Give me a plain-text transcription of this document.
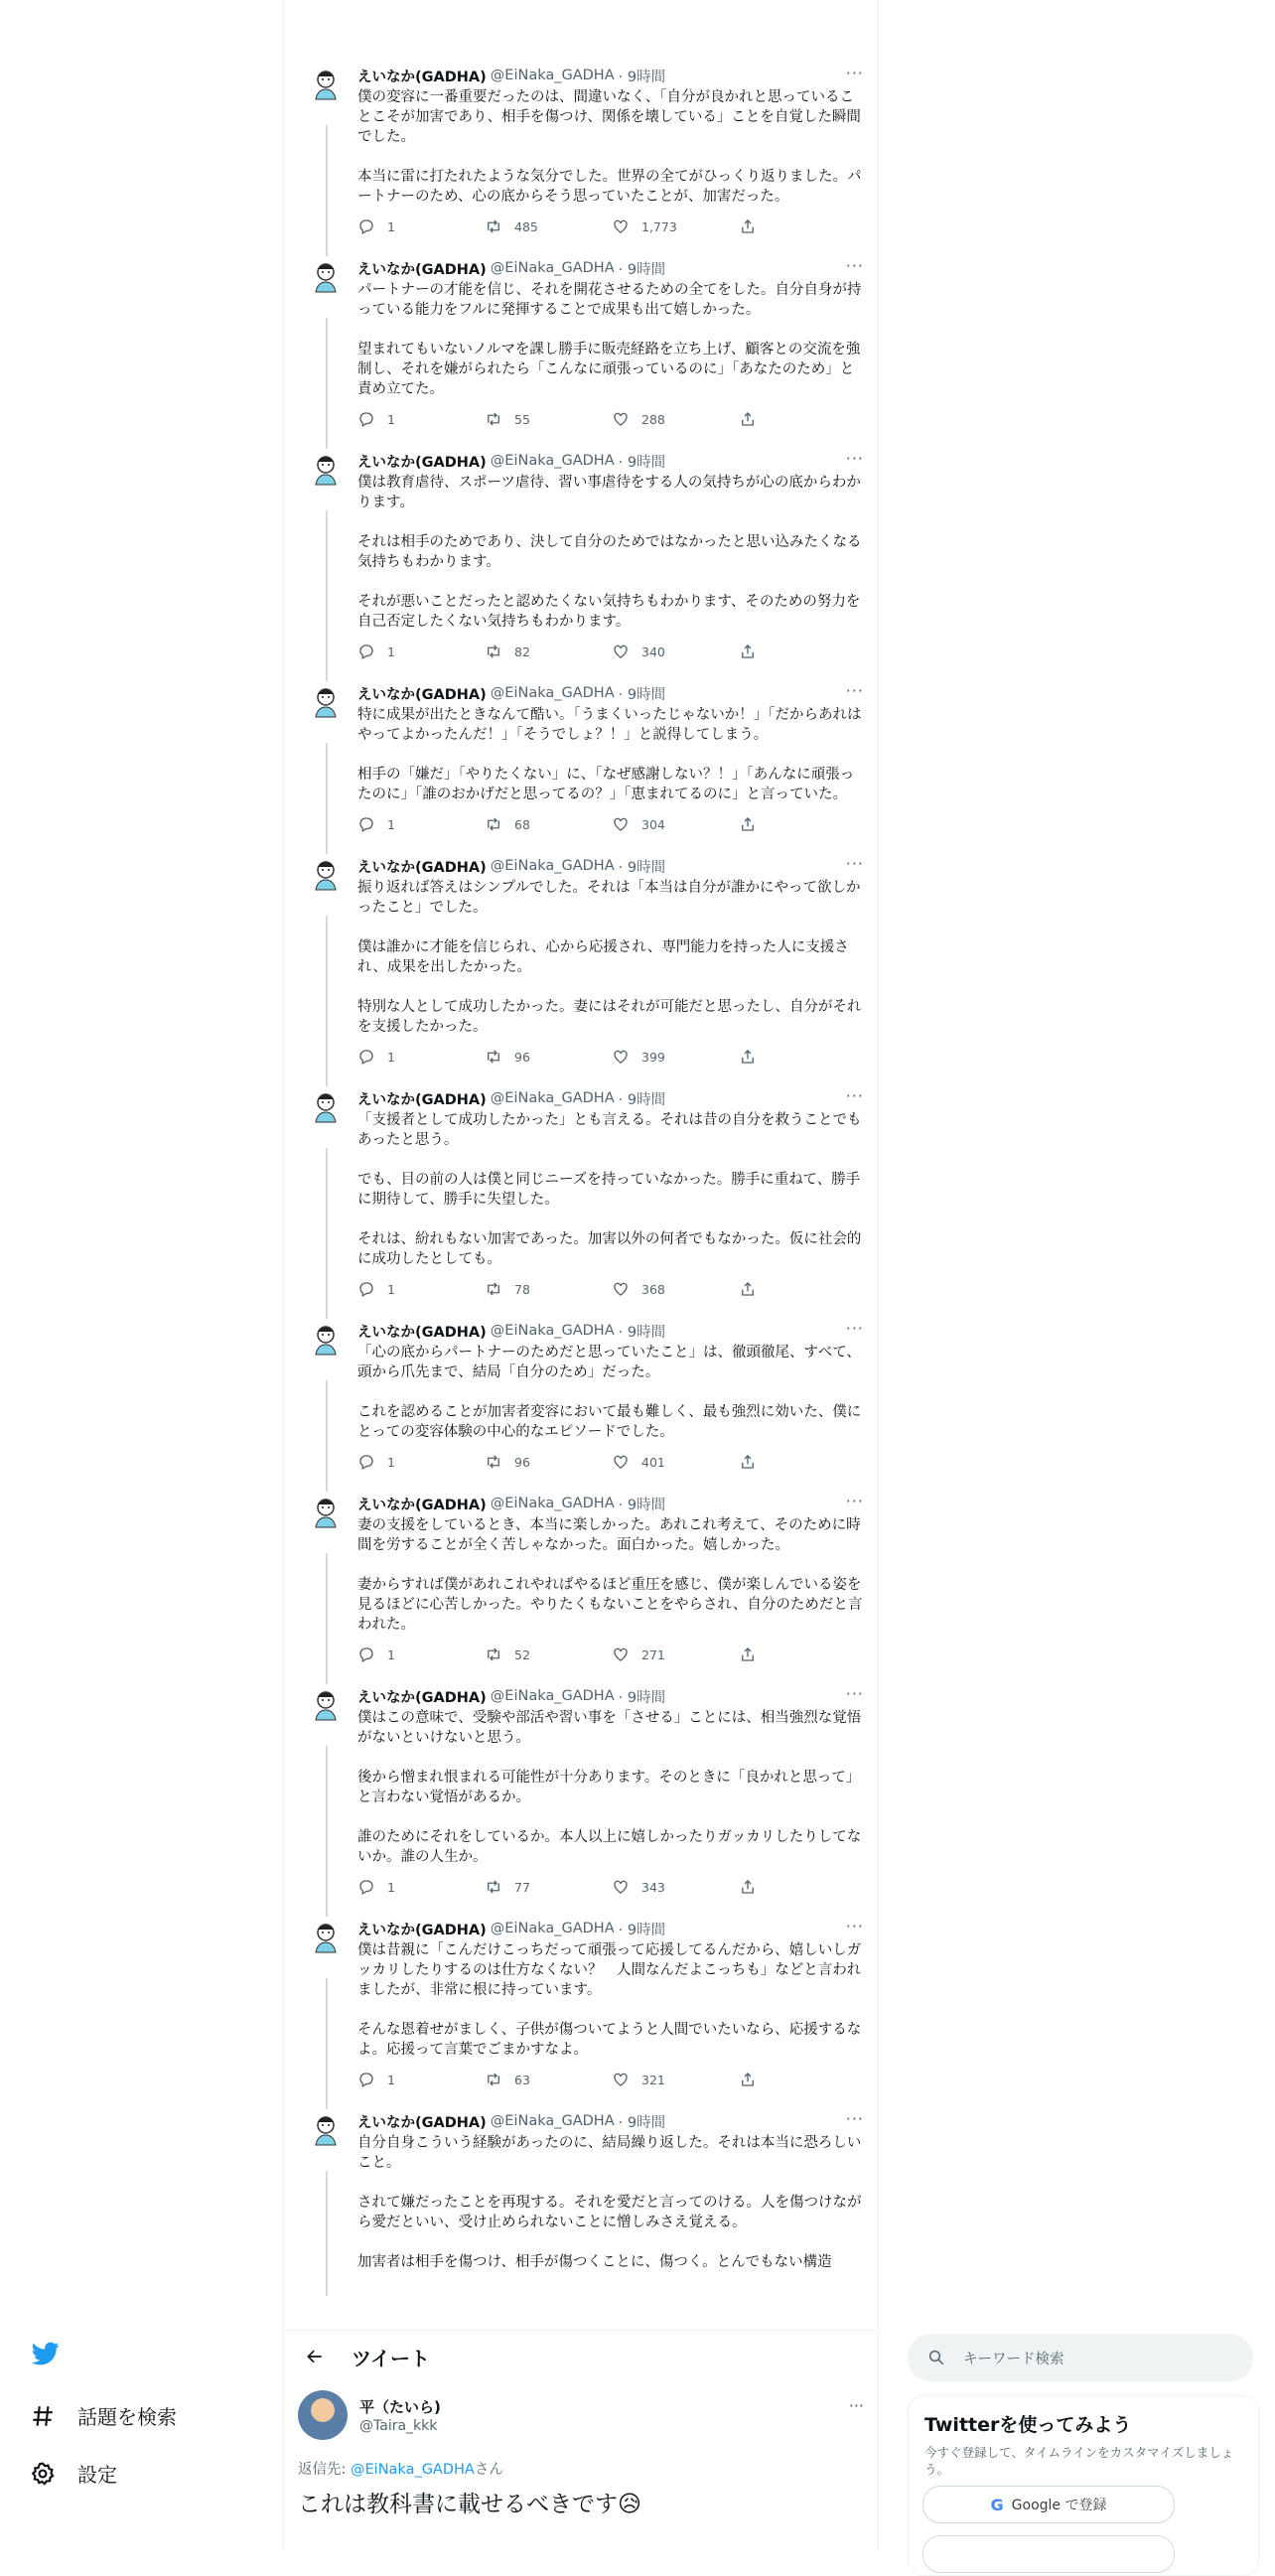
えいなか(GADHA) @EiNaka_GADHA · 9時間	···

僕の変容に一番重要だったのは、間違いなく、「自分が良かれと思っていることこそが加害であり、相手を傷つけ、関係を壊している」ことを自覚した瞬間でした。

本当に雷に打たれたような気分でした。世界の全てがひっくり返りました。パートナーのため、心の底からそう思っていたことが、加害だった。

1	485	1,773
えいなか(GADHA) @EiNaka_GADHA · 9時間	···

パートナーの才能を信じ、それを開花させるための全てをした。自分自身が持っている能力をフルに発揮することで成果も出て嬉しかった。

望まれてもいないノルマを課し勝手に販売経路を立ち上げ、顧客との交流を強制し、それを嫌がられたら「こんなに頑張っているのに」「あなたのため」と責め立てた。

1	55	288
えいなか(GADHA) @EiNaka_GADHA · 9時間	···

僕は教育虐待、スポーツ虐待、習い事虐待をする人の気持ちが心の底からわかります。

それは相手のためであり、決して自分のためではなかったと思い込みたくなる気持ちもわかります。

それが悪いことだったと認めたくない気持ちもわかります、そのための努力を自己否定したくない気持ちもわかります。

1	82	340
えいなか(GADHA) @EiNaka_GADHA · 9時間	···

特に成果が出たときなんて酷い。「うまくいったじゃないか！」「だからあれはやってよかったんだ！」「そうでしょ？！」と説得してしまう。

相手の「嫌だ」「やりたくない」に、「なぜ感謝しない？！」「あんなに頑張ったのに」「誰のおかげだと思ってるの？」「恵まれてるのに」と言っていた。

1	68	304
えいなか(GADHA) @EiNaka_GADHA · 9時間	···

振り返れば答えはシンプルでした。それは「本当は自分が誰かにやって欲しかったこと」でした。

僕は誰かに才能を信じられ、心から応援され、専門能力を持った人に支援され、成果を出したかった。

特別な人として成功したかった。妻にはそれが可能だと思ったし、自分がそれを支援したかった。

1	96	399
えいなか(GADHA) @EiNaka_GADHA · 9時間	···

「支援者として成功したかった」とも言える。それは昔の自分を救うことでもあったと思う。

でも、目の前の人は僕と同じニーズを持っていなかった。勝手に重ねて、勝手に期待して、勝手に失望した。

それは、紛れもない加害であった。加害以外の何者でもなかった。仮に社会的に成功したとしても。

1	78	368
えいなか(GADHA) @EiNaka_GADHA · 9時間	···

「心の底からパートナーのためだと思っていたこと」は、徹頭徹尾、すべて、頭から爪先まで、結局「自分のため」だった。

これを認めることが加害者変容において最も難しく、最も強烈に効いた、僕にとっての変容体験の中心的なエピソードでした。

1	96	401
えいなか(GADHA) @EiNaka_GADHA · 9時間	···

妻の支援をしているとき、本当に楽しかった。あれこれ考えて、そのために時間を労することが全く苦しゃなかった。面白かった。嬉しかった。

妻からすれば僕があれこれやればやるほど重圧を感じ、僕が楽しんでいる姿を見るほどに心苦しかった。やりたくもないことをやらされ、自分のためだと言われた。

1	52	271
えいなか(GADHA) @EiNaka_GADHA · 9時間	···

僕はこの意味で、受験や部活や習い事を「させる」ことには、相当強烈な覚悟がないといけないと思う。

後から憎まれ恨まれる可能性が十分あります。そのときに「良かれと思って」と言わない覚悟があるか。

誰のためにそれをしているか。本人以上に嬉しかったりガッカリしたりしてないか。誰の人生か。

1	77	343
えいなか(GADHA) @EiNaka_GADHA · 9時間	···

僕は昔親に「こんだけこっちだって頑張って応援してるんだから、嬉しいしガッカリしたりするのは仕方なくない？　人間なんだよこっちも」などと言われましたが、非常に根に持っています。

そんな恩着せがましく、子供が傷ついてようと人間でいたいなら、応援するなよ。応援って言葉でごまかすなよ。

1	63	321
えいなか(GADHA) @EiNaka_GADHA · 9時間	···

自分自身こういう経験があったのに、結局繰り返した。それは本当に恐ろしいこと。

されて嫌だったことを再現する。それを愛だと言ってのける。人を傷つけながら愛だといい、受け止められないことに憎しみさえ覚える。

加害者は相手を傷つけ、相手が傷つくことに、傷つく。とんでもない構造

話題を検索
設定
ツイート
平（たいら)
@Taira_kkk
···
返信先: @EiNaka_GADHAさん
これは教科書に載せるべきです😥
キーワード検索
Twitterを使ってみよう
今すぐ登録して、タイムラインをカスタマイズしましょう。
G Google で登録
